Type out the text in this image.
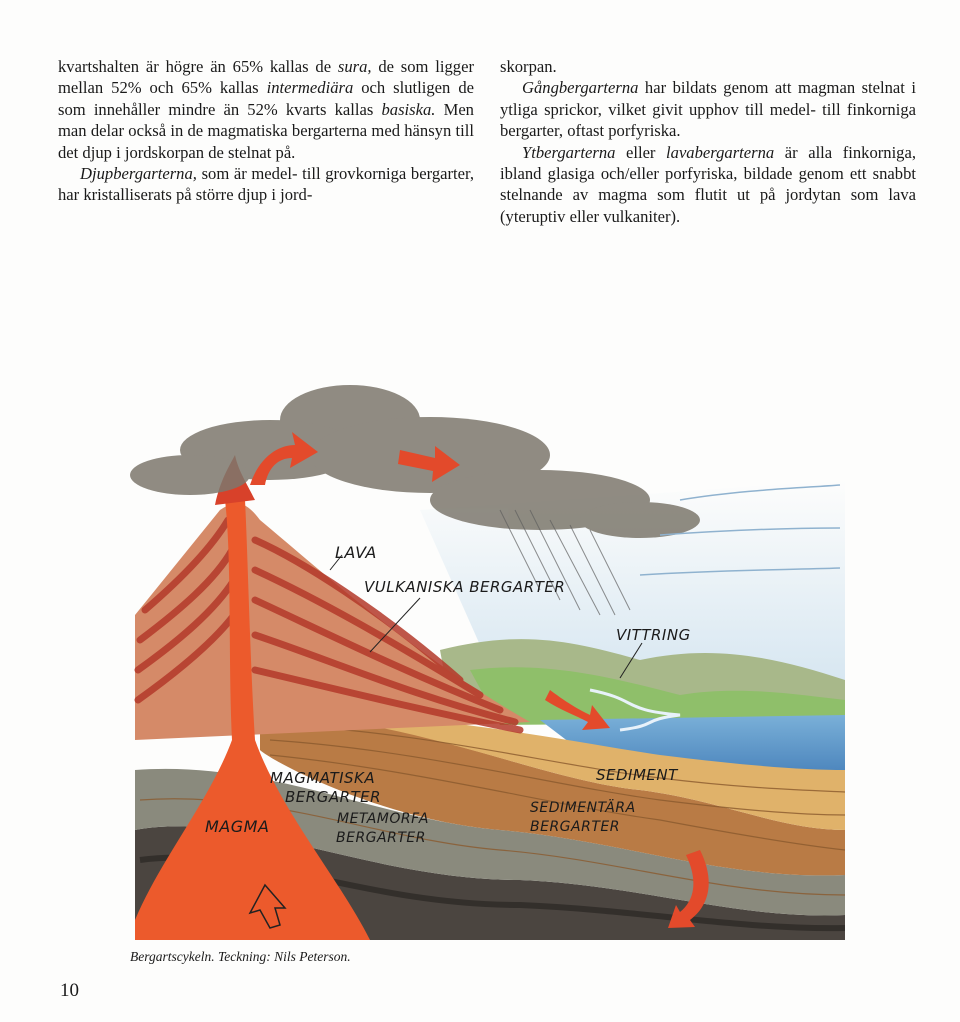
kvartshalten är högre än 65% kallas de sura, de som ligger mellan 52% och 65% kallas intermediära och slutligen de som innehåller mindre än 52% kvarts kallas basiska. Men man delar också in de magmatiska bergarterna med hänsyn till det djup i jordskorpan de stelnat på.

Djupbergarterna, som är medel- till grovkorniga bergarter, har kristalliserats på större djup i jord-

skorpan.

Gångbergarterna har bildats genom att magman stelnat i ytliga sprickor, vilket givit upphov till medel- till finkorniga bergarter, oftast porfyriska.

Ytbergarterna eller lavabergarterna är alla finkorniga, ibland glasiga och/eller porfyriska, bildade genom ett snabbt stelnande av magma som flutit ut på jordytan som lava (yteruptiv eller vulkaniter).

LAVA
VULKANISKA BERGARTER
VITTRING
SEDIMENT
SEDIMENTÄRA
BERGARTER
MAGMATISKA
BERGARTER
METAMORFA
BERGARTER
MAGMA
Bergartscykeln. Teckning: Nils Peterson.
10
